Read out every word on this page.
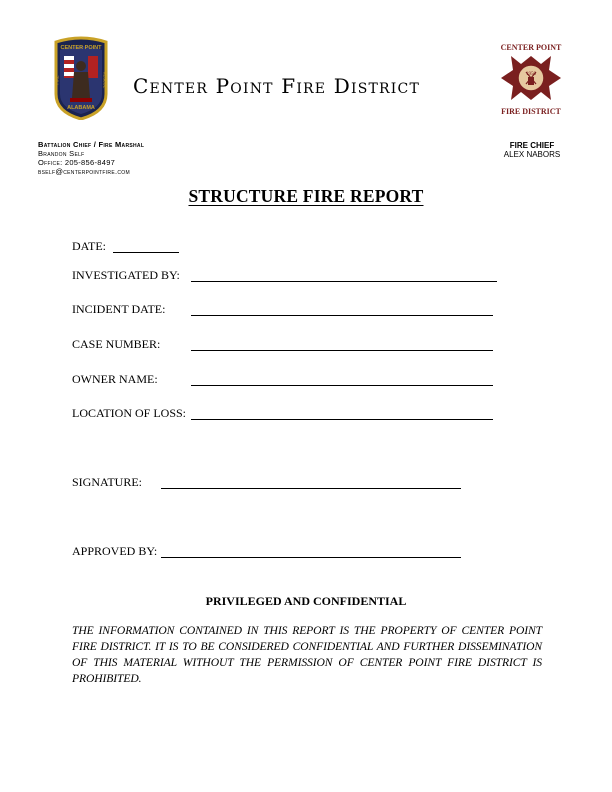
CENTER POINT
FIRE	RESCUE
ALABAMA
Center Point Fire District
CENTER POINT
1950
FIRE DISTRICT
Battalion Chief / Fire Marshal
Brandon Self
Office: 205-856-8497
bself@centerpointfire.com
FIRE CHIEF
ALEX NABORS
STRUCTURE FIRE REPORT
DATE:
INVESTIGATED BY:
INCIDENT DATE:
CASE NUMBER:
OWNER NAME:
LOCATION OF LOSS:
SIGNATURE:
APPROVED BY:
PRIVILEGED AND CONFIDENTIAL
THE INFORMATION CONTAINED IN THIS REPORT IS THE PROPERTY OF CENTER POINT FIRE DISTRICT. IT IS TO BE CONSIDERED CONFIDENTIAL AND FURTHER DISSEMINATION OF THIS MATERIAL WITHOUT THE PERMISSION OF CENTER POINT FIRE DISTRICT IS PROHIBITED.
